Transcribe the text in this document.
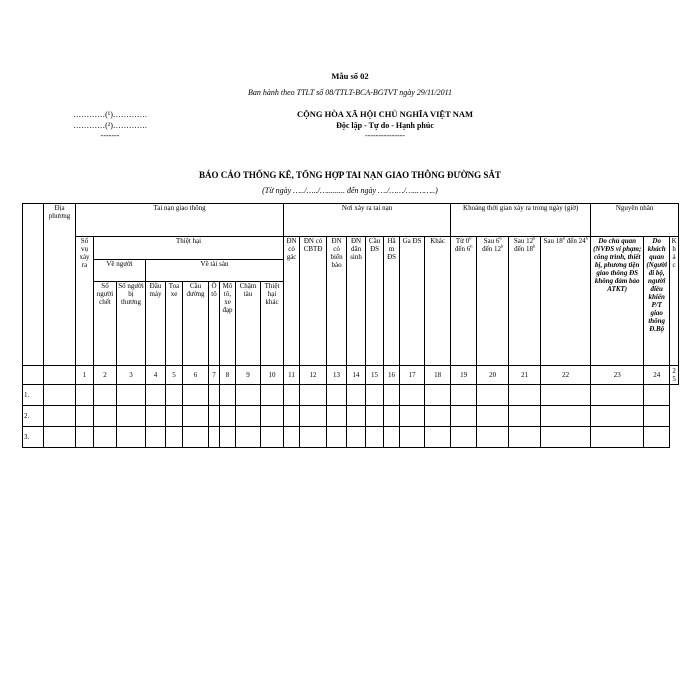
Mẫu số 02
Ban hành theo TTLT số 08/TTLT-BCA-BGTVT ngày 29/11/2011
…………(¹)………….
…………(²)………….
-------
CỘNG HÒA XÃ HỘI CHỦ NGHĨA VIỆT NAM
Độc lập - Tự do - Hạnh phúc
---------------
BÁO CÁO THỐNG KÊ, TỔNG HỢP TAI NẠN GIAO THÔNG ĐƯỜNG SẮT
(Từ ngày …../…../…......... đến ngày …./……/…..……..)
	Địa phương	Tai nạn giao thông										Nơi xảy ra tai nạn								Khoảng thời gian xảy ra trong ngày (giờ)				Nguyên nhân		
		Số vụ xảy ra	Thiệt hại									ĐN có gác	ĐN có CBTĐ	ĐN có biển báo	ĐN dân sinh	Cầu ĐS	Hầm ĐS	Ga ĐS	Khác	Từ 0$^h$ đến 6$^h$	Sau 6$^h$ đến 12$^h$	Sau 12$^h$ đến 18$^h$	Sau 18$^h$ đến 24$^h$	Do chủ quan (NVĐS vi phạm; công trình, thiết bị, phương tiện giao thông ĐS không đảm bảo ATKT)	Do khách quan (Người đi bộ, người điều khiển P/T giao thông Đ.Bộ	Khác
			Về người		Về tài sản																					
			Số người chết	Số người bị thương	Đầu máy	Toa xe	Cầu đường	Ô tô	Mô tô, xe đạp	Chậm tàu	Thiệt hại khác															
		1	2	3	4	5	6	7	8	9	10	11	12	13	14	15	16	17	18	19	20	21	22	23	24	25
1.																										
2.																										
3.																										
